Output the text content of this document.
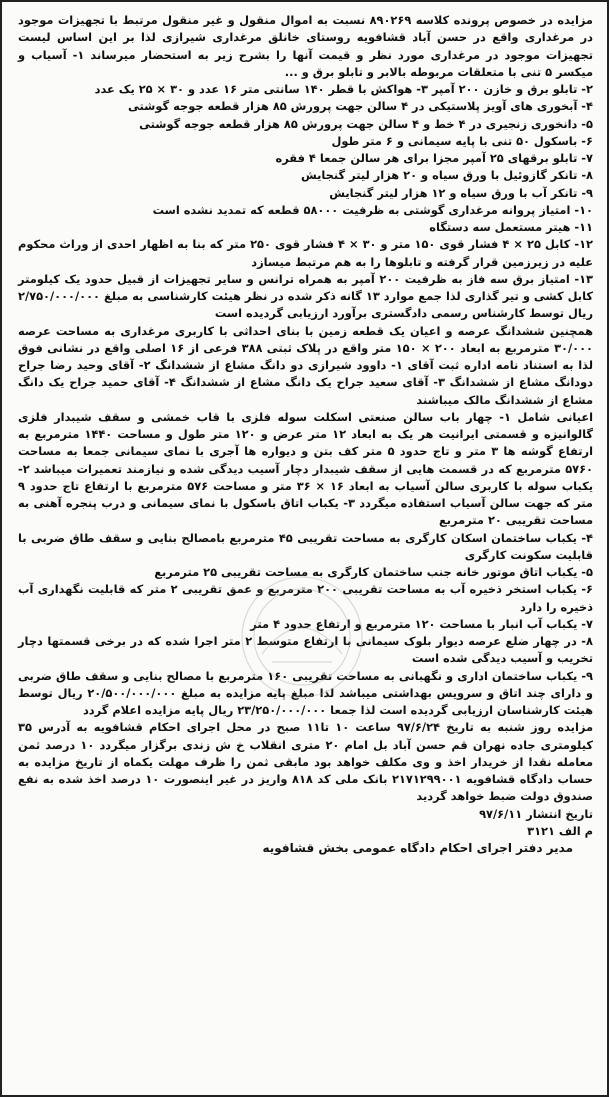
مزایده در خصوص پرونده کلاسه ۸۹۰۲۶۹ نسبت به اموال منقول و غیر منقول مرتبط با تجهیزات موجود در مرغداری واقع در حسن آباد قشافویه روستای خانلق مرغداری شیرازی لذا بر این اساس لیست تجهیزات موجود در مرغداری مورد نظر و قیمت آنها را بشرح زیر به استحضار میرساند ۱- آسیاب و میکسر ۵ تنی با متعلقات مربوطه بالابر و تابلو برق و ...

۲- تابلو برق و خازن ۲۰۰ آمپر ۳- هواکش با قطر ۱۴۰ سانتی متر ۱۶ عدد و ۳۰ × ۲۵ یک عدد

۴- آبخوری های آویز پلاستیکی در ۴ سالن جهت پرورش ۸۵ هزار قطعه جوجه گوشتی

۵- دانخوری زنجیری در ۴ خط و ۴ سالن جهت پرورش ۸۵ هزار قطعه جوجه گوشتی

۶- باسکول ۵۰ تنی با پایه سیمانی و ۶ متر طول

۷- تابلو برقهای ۲۵ آمپر مجزا برای هر سالن جمعا ۴ فقره

۸- تانکر گازوئیل با ورق سیاه و ۲۰ هزار لیتر گنجایش

۹- تانکر آب با ورق سیاه و ۱۲ هزار لیتر گنجایش

۱۰- امتیاز پروانه مرغداری گوشتی به ظرفیت ۵۸۰۰۰ قطعه که تمدید نشده است

۱۱- هیتر مستعمل سه دستگاه

۱۲- کابل ۲۵ × ۴ فشار قوی ۱۵۰ متر و ۳۰ × ۴ فشار قوی ۲۵۰ متر که بنا به اظهار احدی از وراث محکوم علیه در زیرزمین قرار گرفته و تابلوها را به هم مرتبط میسازد

۱۳- امتیاز برق سه فاز به ظرفیت ۲۰۰ آمپر به همراه ترانس و سایر تجهیزات از قبیل حدود یک کیلومتر کابل کشی و تیر گذاری لذا جمع موارد ۱۳ گانه ذکر شده در نظر هیئت کارشناسی به مبلغ ۲/۷۵۰/۰۰۰/۰۰۰ ریال توسط کارشناس رسمی دادگستری برآورد ارزیابی گردیده است

همچنین ششدانگ عرصه و اعیان یک قطعه زمین با بنای احداثی با کاربری مرغداری به مساحت عرصه ۳۰/۰۰۰ مترمربع به ابعاد ۲۰۰ × ۱۵۰ متر واقع در پلاک ثبتی ۳۸۸ فرعی از ۱۶ اصلی واقع در نشانی فوق لذا به استناد نامه اداره ثبت آقای ۱- داوود شیرازی دو دانگ مشاع از ششدانگ ۲- آقای وحید رضا جراح دودانگ مشاع از ششدانگ ۳- آقای سعید جراح یک دانگ مشاع از ششدانگ ۴- آقای حمید جراح یک دانگ مشاع از ششدانگ مالک میباشند

اعیانی شامل ۱- چهار باب سالن صنعتی اسکلت سوله فلزی با قاب خمشی و سقف شیبدار فلزی گالوانیزه و قسمتی ایرانیت هر یک به ابعاد ۱۲ متر عرض و ۱۲۰ متر طول و مساحت ۱۴۴۰ مترمربع به ارتفاع گوشه ها ۳ متر و تاج حدود ۵ متر کف بتن و دیواره ها آجری با نمای سیمانی جمعا به مساحت ۵۷۶۰ مترمربع که در قسمت هایی از سقف شیبدار دچار آسیب دیدگی شده و نیازمند تعمیرات میباشد ۲- یکباب سوله با کاربری سالن آسیاب به ابعاد ۱۶ × ۳۶ متر و مساحت ۵۷۶ مترمربع با ارتفاع تاج حدود ۹ متر که جهت سالن آسیاب استفاده میگردد ۳- یکباب اتاق باسکول با نمای سیمانی و درب پنجره آهنی به مساحت تقریبی ۲۰ مترمربع

۴- یکباب ساختمان اسکان کارگری به مساحت تقریبی ۴۵ مترمربع بامصالح بنایی و سقف طاق ضربی با قابلیت سکونت کارگری

۵- یکباب اتاق موتور خانه جنب ساختمان کارگری به مساحت تقریبی ۲۵ مترمربع

۶- یکباب استخر ذخیره آب به مساحت تقریبی ۲۰۰ مترمربع و عمق تقریبی ۲ متر که قابلیت نگهداری آب ذخیره را دارد

۷- یکباب آب انبار با مساحت ۱۲۰ مترمربع و ارتفاع حدود ۴ متر

۸- در چهار ضلع عرصه دیوار بلوک سیمانی با ارتفاع متوسط ۲ متر اجرا شده که در برخی قسمتها دچار تخریب و آسیب دیدگی شده است

۹- یکباب ساختمان اداری و نگهبانی به مساحت تقریبی ۱۶۰ مترمربع با مصالح بنایی و سقف طاق ضربی و دارای چند اتاق و سرویس بهداشتی میباشد لذا مبلغ پایه مزایده به مبلغ ۲۰/۵۰۰/۰۰۰/۰۰۰ ریال توسط هیئت کارشناسان ارزیابی گردیده است لذا جمعا ۲۳/۲۵۰/۰۰۰/۰۰۰ ریال پایه مزایده اعلام گردد

مزایده روز شنبه به تاریخ ۹۷/۶/۲۴ ساعت ۱۰ تا۱۱ صبح در محل اجرای احکام قشافویه به آدرس ۳۵ کیلومتری جاده نهران قم حسن آباد بل امام ۲۰ متری انقلاب خ ش زندی برگزار میگردد ۱۰ درصد ثمن معامله نقدا از خریدار اخذ و وی مکلف خواهد بود مابقی ثمن را ظرف مهلت یکماه از تاریخ مزایده به حساب دادگاه قشافویه ۲۱۷۱۲۹۹۰۰۱ بانک ملی کد ۸۱۸ واریز در غیر اینصورت ۱۰ درصد اخذ شده به نفع صندوق دولت ضبط خواهد گردید

تاریخ انتشار ۹۷/۶/۱۱

م الف ۳۱۲۱

مدیر دفتر اجرای احکام دادگاه عمومی بخش قشافویه
